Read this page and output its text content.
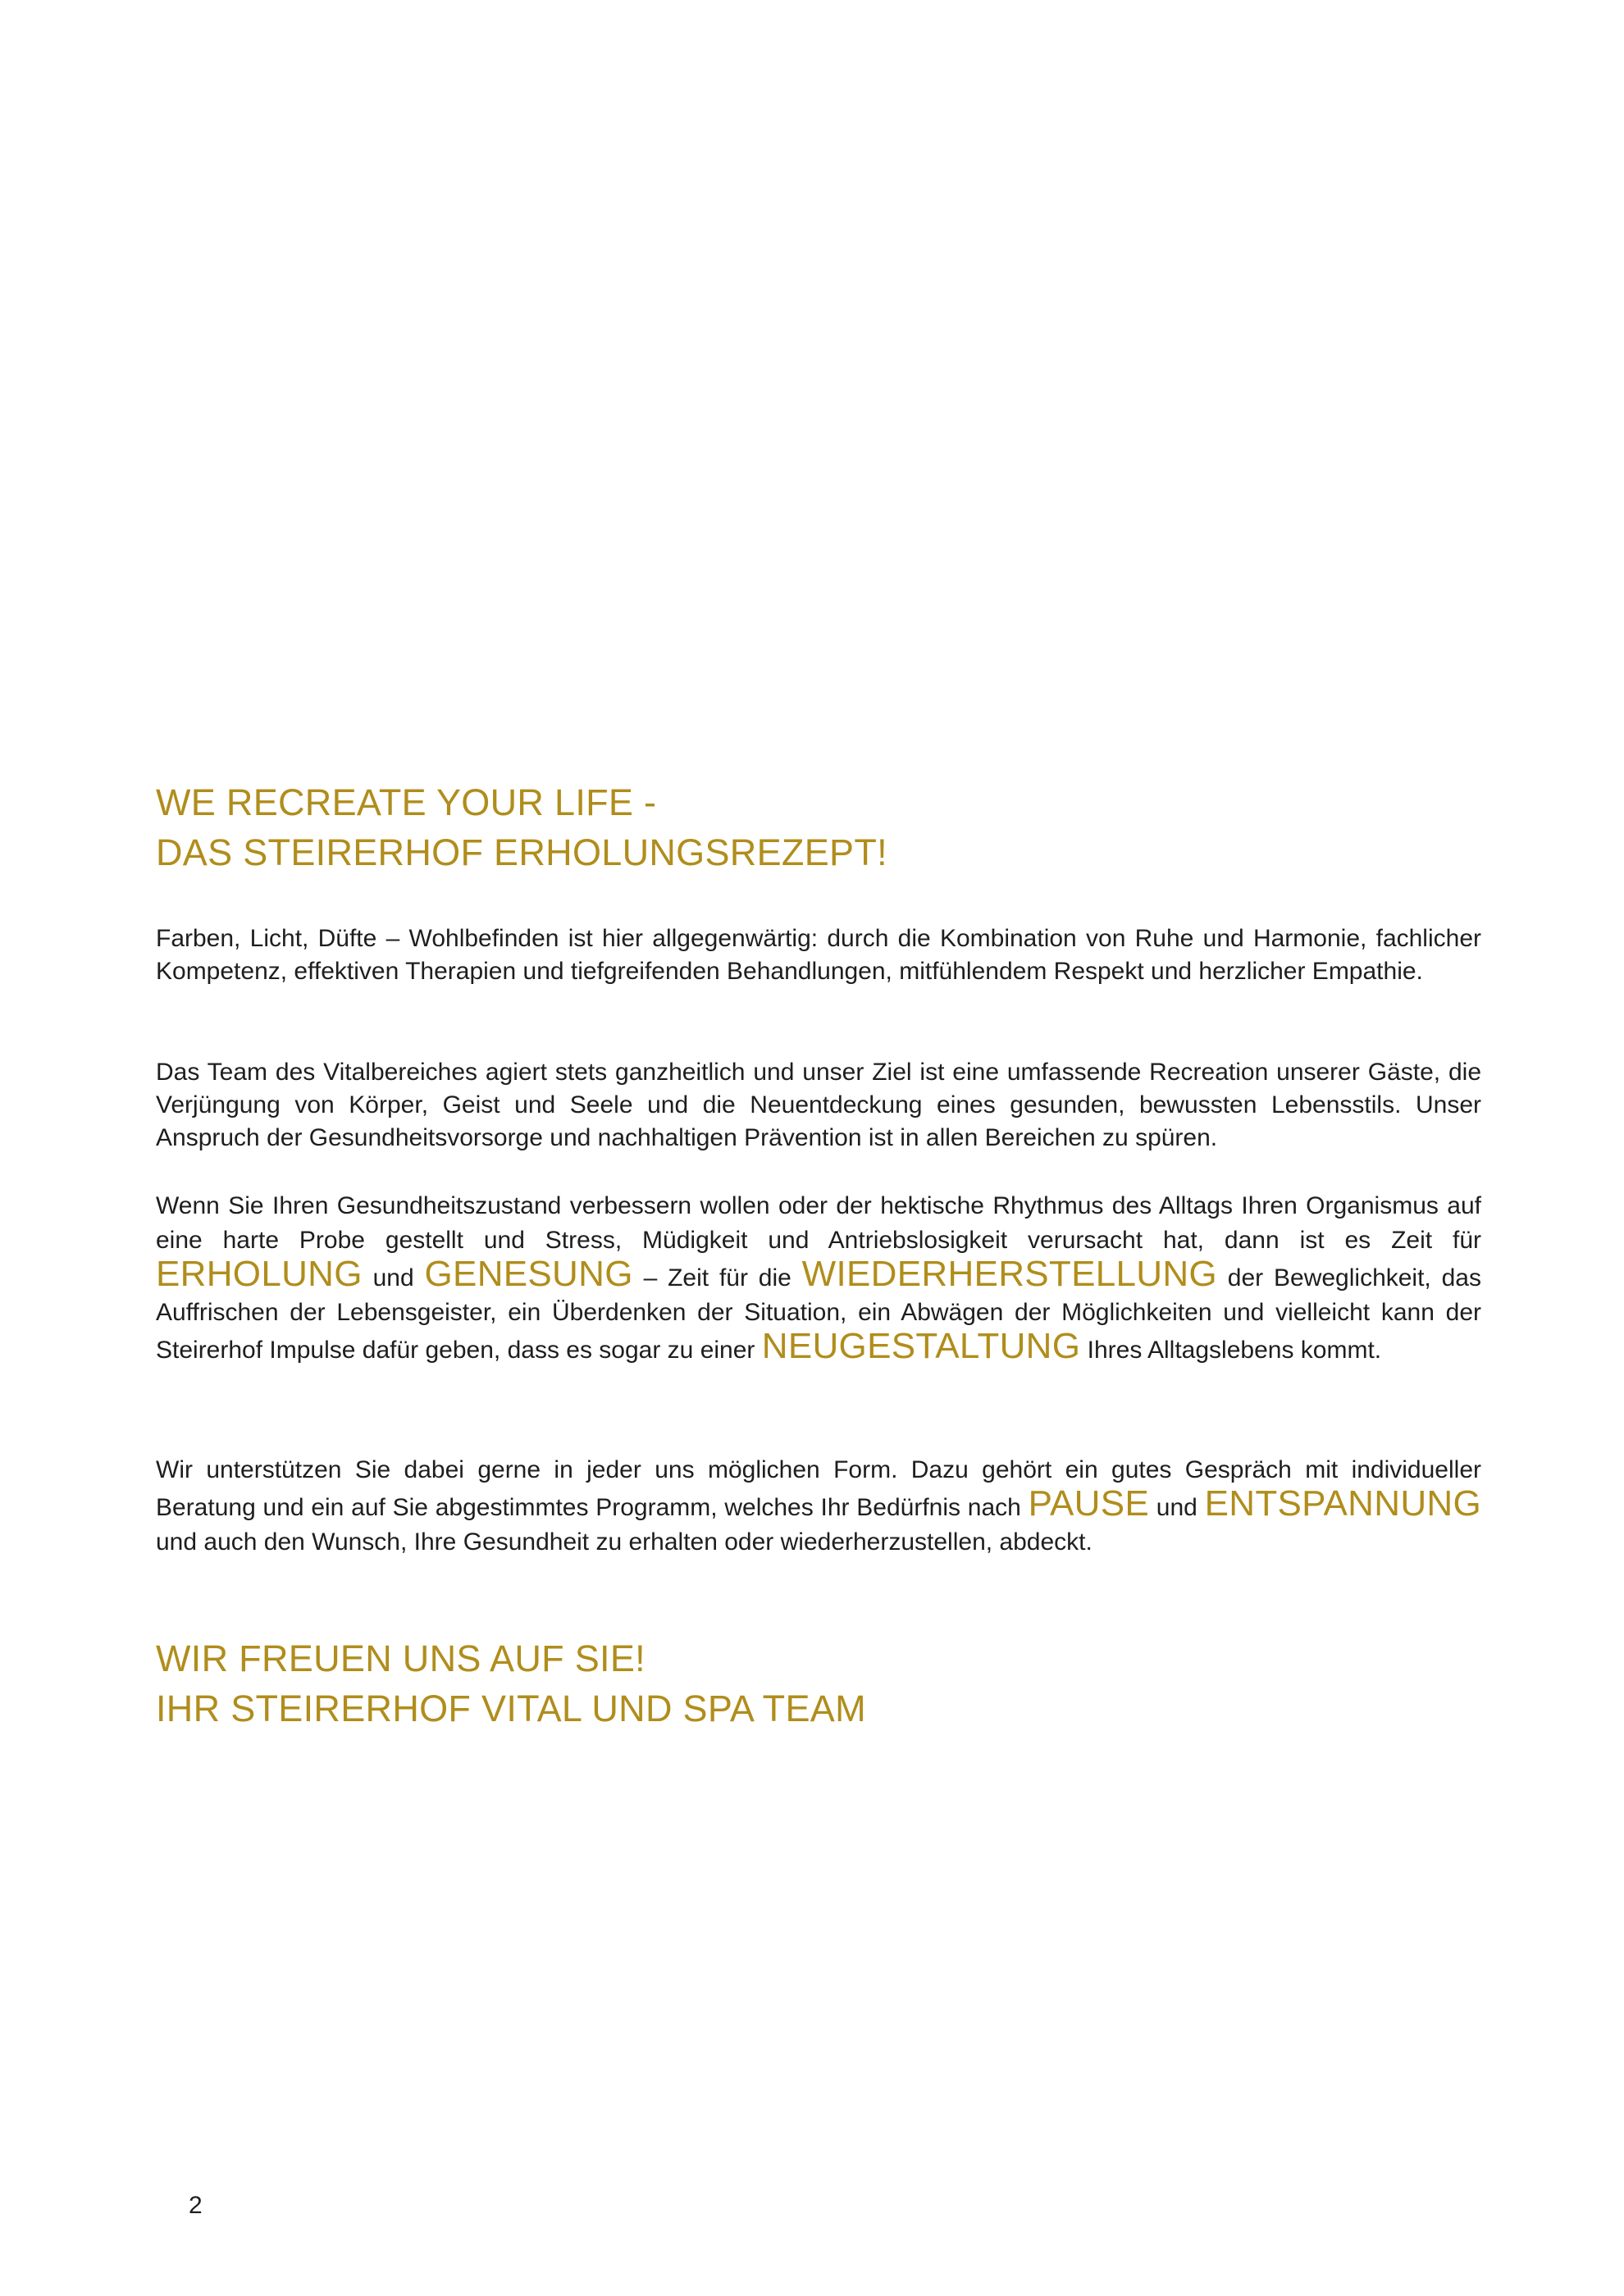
WE RECREATE YOUR LIFE -
DAS STEIRERHOF ERHOLUNGSREZEPT!

Farben, Licht, Düfte – Wohlbefinden ist hier allgegenwärtig: durch die Kombination von Ruhe und Harmonie, fachlicher Kompetenz, effektiven Therapien und tiefgreifenden Behandlungen, mitfühlendem Respekt und herzlicher Empathie.

Das Team des Vitalbereiches agiert stets ganzheitlich und unser Ziel ist eine umfassende Recreation unserer Gäste, die Verjüngung von Körper, Geist und Seele und die Neuentdeckung eines gesunden, bewussten Lebensstils. Unser Anspruch der Gesundheitsvorsorge und nachhaltigen Prävention ist in allen Bereichen zu spüren.

Wenn Sie Ihren Gesundheitszustand verbessern wollen oder der hektische Rhythmus des Alltags Ihren Organismus auf eine harte Probe gestellt und Stress, Müdigkeit und Antriebslosigkeit verursacht hat, dann ist es Zeit für ERHOLUNG und GENESUNG – Zeit für die WIEDERHERSTELLUNG der Beweglichkeit, das Auffrischen der Lebensgeister, ein Überdenken der Situation, ein Abwägen der Möglichkeiten und vielleicht kann der Steirerhof Impulse dafür geben, dass es sogar zu einer NEUGESTALTUNG Ihres Alltagslebens kommt.

Wir unterstützen Sie dabei gerne in jeder uns möglichen Form. Dazu gehört ein gutes Gespräch mit individueller Beratung und ein auf Sie abgestimmtes Programm, welches Ihr Bedürfnis nach PAUSE und ENTSPANNUNG und auch den Wunsch, Ihre Gesundheit zu erhalten oder wiederherzustellen, abdeckt.

WIR FREUEN UNS AUF SIE!
IHR STEIRERHOF VITAL UND SPA TEAM
2
